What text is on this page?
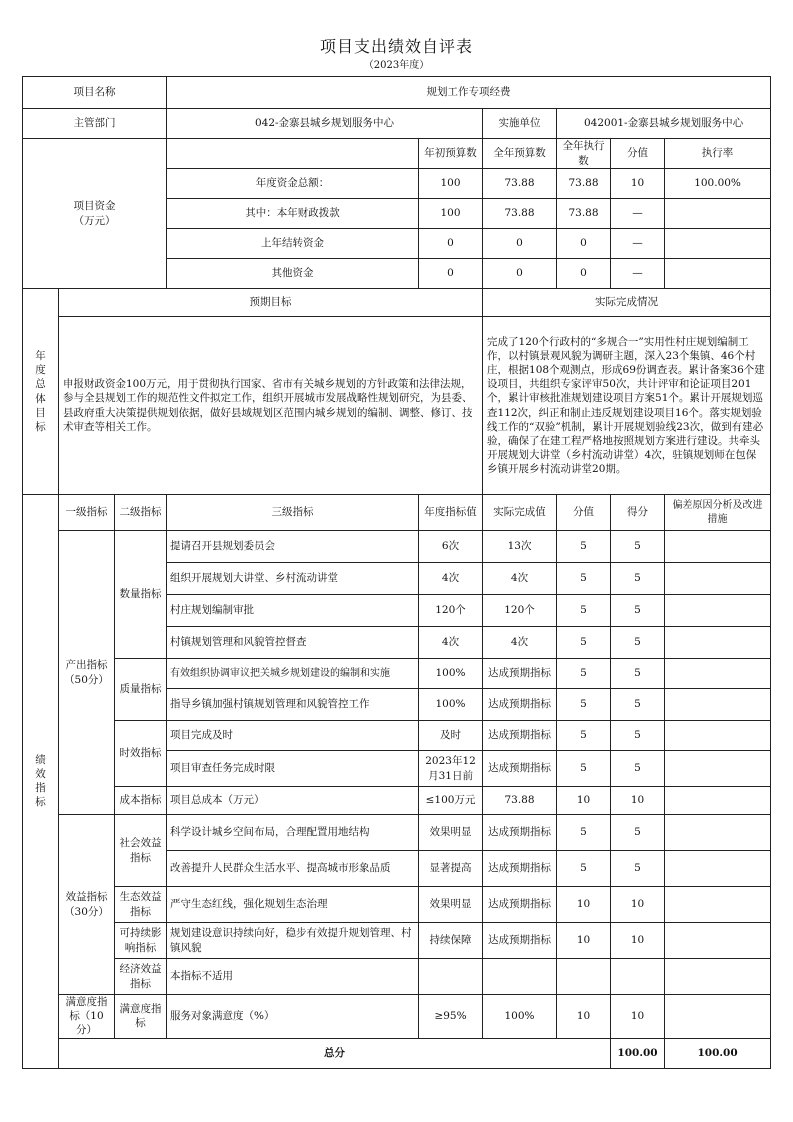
项目支出绩效自评表
（2023年度）
项目名称			规划工作专项经费						
主管部门			042-金寨县城乡规划服务中心		实施单位	042001-金寨县城乡规划服务中心			
项目资金
（万元）				年初预算数	全年预算数	全年执行数	分值	执行率	
			年度资金总额：	100	73.88	73.88	10	100.00%	
			其中：本年财政拨款	100	73.88	73.88	—		
			上年结转资金	0	0	0	—		
			其他资金	0	0	0	—		
年度总体目标	预期目标				实际完成情况				
	申报财政资金100万元，用于贯彻执行国家、省市有关城乡规划的方针政策和法律法规，参与全县规划工作的规范性文件拟定工作，组织开展城市发展战略性规划研究，为县委、县政府重大决策提供规划依据，做好县域规划区范围内城乡规划的编制、调整、修订、技术审查等相关工作。				完成了120个行政村的“多规合一”实用性村庄规划编制工作，以村镇景观风貌为调研主题，深入23个集镇、46个村庄，根据108个观测点，形成69份调查表。累计备案36个建设项目，共组织专家评审50次，共计评审和论证项目201个，累计审核批准规划建设项目方案51个。累计开展规划巡查112次，纠正和制止违反规划建设项目16个。落实规划验线工作的“双验”机制，累计开展规划验线23次，做到有建必验，确保了在建工程严格地按照规划方案进行建设。共牵头开展规划大讲堂（乡村流动讲堂）4次，驻镇规划师在包保乡镇开展乡村流动讲堂20期。				
绩效指标	一级指标	二级指标	三级指标	年度指标值	实际完成值	分值	得分	偏差原因分析及改进措施	
	产出指标（50分）	数量指标	提请召开县规划委员会	6次	13次	5	5		
			组织开展规划大讲堂、乡村流动讲堂	4次	4次	5	5		
			村庄规划编制审批	120个	120个	5	5		
			村镇规划管理和风貌管控督查	4次	4次	5	5		
		质量指标	有效组织协调审议把关城乡规划建设的编制和实施	100%	达成预期指标	5	5		
			指导乡镇加强村镇规划管理和风貌管控工作	100%	达成预期指标	5	5		
		时效指标	项目完成及时	及时	达成预期指标	5	5		
			项目审查任务完成时限	2023年12月31日前	达成预期指标	5	5		
		成本指标	项目总成本（万元）	≤100万元	73.88	10	10		
	效益指标（30分）	社会效益指标	科学设计城乡空间布局，合理配置用地结构	效果明显	达成预期指标	5	5		
			改善提升人民群众生活水平、提高城市形象品质	显著提高	达成预期指标	5	5		
		生态效益指标	严守生态红线，强化规划生态治理	效果明显	达成预期指标	10	10		
		可持续影响指标	规划建设意识持续向好，稳步有效提升规划管理、村镇风貌	持续保障	达成预期指标	10	10		
		经济效益指标	本指标不适用						
	满意度指标（10分）	满意度指标	服务对象满意度（%）	≥95%	100%	10	10		
	总分						100.00	100.00	
